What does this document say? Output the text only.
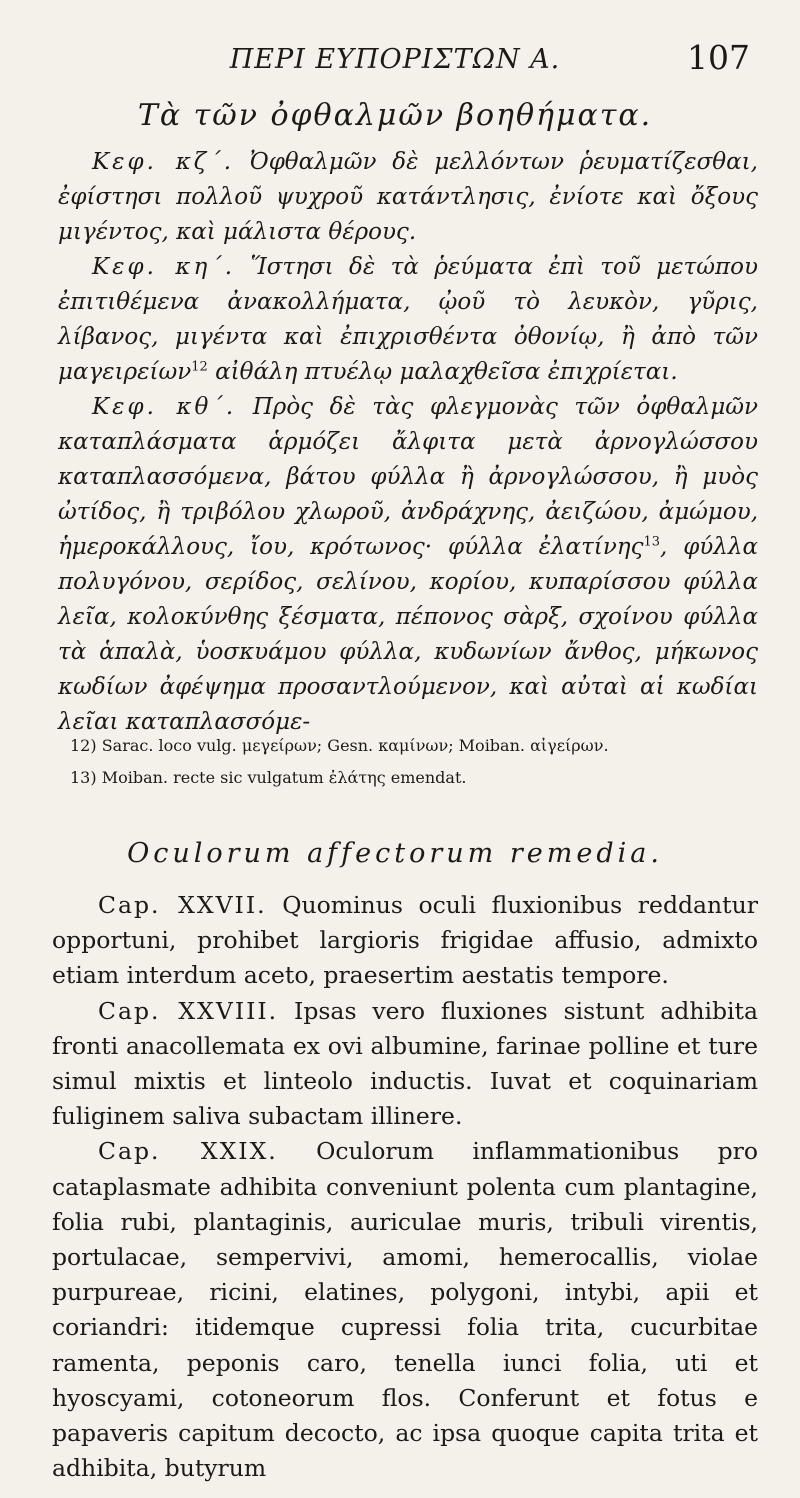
ΠΕΡΙ ΕΥΠΟΡΙΣΤΩΝ Α.	107
Τὰ τῶν ὀφθαλμῶν βοηθήματα.

Κεφ. κζ΄. Ὀφθαλμῶν δὲ μελλόντων ῥευματίζεσθαι, ἐφίστησι πολλοῦ ψυχροῦ κατάντλησις, ἐνίοτε καὶ ὄξους μιγέντος, καὶ μάλιστα θέρους.

Κεφ. κη΄. Ἵστησι δὲ τὰ ῥεύματα ἐπὶ τοῦ μετώπου ἐπιτιθέμενα ἀνακολλήματα, ᾠοῦ τὸ λευκὸν, γῦρις, λίβανος, μιγέντα καὶ ἐπιχρισθέντα ὀθονίῳ, ἢ ἀπὸ τῶν μαγειρείων$^{12}$ αἰθάλη πτυέλῳ μαλαχθεῖσα ἐπιχρίεται.

Κεφ. κθ΄. Πρὸς δὲ τὰς φλεγμονὰς τῶν ὀφθαλμῶν καταπλάσματα ἁρμόζει ἄλφιτα μετὰ ἀρνογλώσσου καταπλασσόμενα, βάτου φύλλα ἢ ἀρνογλώσσου, ἢ μυὸς ὠτίδος, ἢ τριβόλου χλωροῦ, ἀνδράχνης, ἀειζώου, ἀμώμου, ἡμεροκάλλους, ἴου, κρότωνος· φύλλα ἐλατίνης$^{13}$, φύλλα πολυγόνου, σερίδος, σελίνου, κορίου, κυπαρίσσου φύλλα λεῖα, κολοκύνθης ξέσματα, πέπονος σὰρξ, σχοίνου φύλλα τὰ ἁπαλὰ, ὑοσκυάμου φύλλα, κυδωνίων ἄνθος, μήκωνος κωδίων ἀφέψημα προσαντλούμενον, καὶ αὐταὶ αἱ κωδίαι λεῖαι καταπλασσόμε-

12) Sarac. loco vulg. μεγείρων; Gesn. καμίνων; Moiban. αἰγείρων.

13) Moiban. recte sic vulgatum ἐλάτης emendat.

Oculorum affectorum remedia.

Cap. XXVII. Quominus oculi fluxionibus reddantur opportuni, prohibet largioris frigidae affusio, admixto etiam interdum aceto, praesertim aestatis tempore.

Cap. XXVIII. Ipsas vero fluxiones sistunt adhibita fronti anacollemata ex ovi albumine, farinae polline et ture simul mixtis et linteolo inductis. Iuvat et coquinariam fuliginem saliva subactam illinere.

Cap. XXIX. Oculorum inflammationibus pro cataplasmate adhibita conveniunt polenta cum plantagine, folia rubi, plantaginis, auriculae muris, tribuli virentis, portulacae, sempervivi, amomi, hemerocallis, violae purpureae, ricini, elatines, polygoni, intybi, apii et coriandri: itidemque cupressi folia trita, cucurbitae ramenta, peponis caro, tenella iunci folia, uti et hyoscyami, cotoneorum flos. Conferunt et fotus e papaveris capitum decocto, ac ipsa quoque capita trita et adhibita, butyrum
